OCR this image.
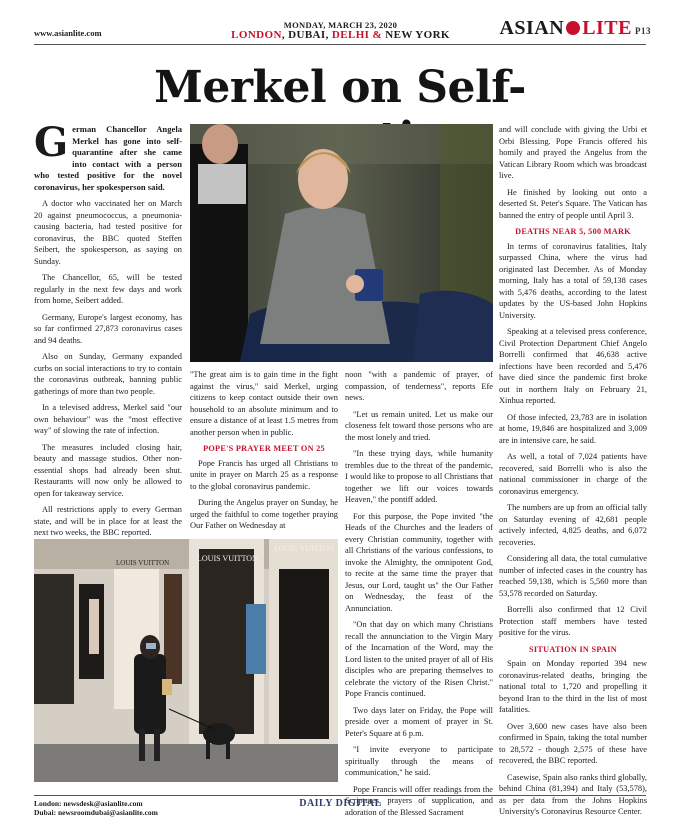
www.asianlite.com
MONDAY, MARCH 23, 2020
LONDON, DUBAI, DELHI & NEW YORK	ASIAN LITE P13
Merkel on Self-

German Chancellor Angela Merkel has gone into self-quarantine after she came into contact with a person who tested positive for the novel coronavirus, her spokesperson said.

A doctor who vaccinated her on March 20 against pneumococcus, a pneumonia-causing bacteria, had tested positive for coronavirus, the BBC quoted Steffen Seibert, the spokesperson, as saying on Sunday.

The Chancellor, 65, will be tested regularly in the next few days and work from home, Seibert added.

Germany, Europe's largest economy, has so far confirmed 27,873 coronavirus cases and 94 deaths.

Also on Sunday, Germany expanded curbs on social interactions to try to contain the coronavirus outbreak, banning public gatherings of more than two people.

In a televised address, Merkel said "our own behaviour" was the "most effective way" of slowing the rate of infection.

The measures included closing hair, beauty and massage studios. Other non-essential shops had already been shut. Restaurants will now only be allowed to open for takeaway service.

All restrictions apply to every German state, and will be in place for at least the next two weeks, the BBC reported.

"The great aim is to gain time in the fight against the virus," said Merkel, urging citizens to keep contact outside their own household to an absolute minimum and to ensure a distance of at least 1.5 metres from another person when in public.

POPE'S PRAYER MEET ON 25

Pope Francis has urged all Christians to unite in prayer on March 25 as a response to the global coronavirus pandemic.

During the Angelus prayer on Sunday, he urged the faithful to come together praying Our Father on Wednesday at

noon "with a pandemic of prayer, of compassion, of tenderness", reports Efe news.

"Let us remain united. Let us make our closeness felt toward those persons who are the most lonely and tried.

"In these trying days, while humanity trembles due to the threat of the pandemic, I would like to propose to all Christians that together we lift our voices towards Heaven," the pontiff added.

For this purpose, the Pope invited "the Heads of the Churches and the leaders of every Christian community, together with all Christians of the various confessions, to invoke the Almighty, the omnipotent God, to recite at the same time the prayer that Jesus, our Lord, taught us" the Our Father on Wednesday, the feast of the Annunciation.

"On that day on which many Christians recall the annunciation to the Virgin Mary of the Incarnation of the Word, may the Lord listen to the united prayer of all of His disciples who are preparing themselves to celebrate the victory of the Risen Christ." Pope Francis continued.

Two days later on Friday, the Pope will preside over a moment of prayer in St. Peter's Square at 6 p.m.

"I invite everyone to participate spiritually through the means of communication," he said.

Pope Francis will offer readings from the Scriptures, prayers of supplication, and adoration of the Blessed Sacrament

and will conclude with giving the Urbi et Orbi Blessing. Pope Francis offered his homily and prayed the Angelus from the Vatican Library Room which was broadcast live.

He finished by looking out onto a deserted St. Peter's Square. The Vatican has banned the entry of people until April 3.

DEATHS NEAR 5, 500 MARK

In terms of coronavirus fatalities, Italy surpassed China, where the virus had originated last December. As of Monday morning, Italy has a total of 59,138 cases with 5,476 deaths, according to the latest updates by the US-based John Hopkins University.

Speaking at a televised press conference, Civil Protection Department Chief Angelo Borrelli confirmed that 46,638 active infections have been recorded and 5,476 have died since the pandemic first broke out in northern Italy on February 21, Xinhua reported.

Of those infected, 23,783 are in isolation at home, 19,846 are hospitalized and 3,009 are in intensive care, he said.

As well, a total of 7,024 patients have recovered, said Borrelli who is also the national commissioner in charge of the coronavirus emergency.

The numbers are up from an official tally on Saturday evening of 42,681 people actively infected, 4,825 deaths, and 6,072 recoveries.

Considering all data, the total cumulative number of infected cases in the country has reached 59,138, which is 5,560 more than 53,578 recorded on Saturday.

Borrelli also confirmed that 12 Civil Protection staff members have tested positive for the virus.

SITUATION IN SPAIN

Spain on Monday reported 394 new coronavirus-related deaths, bringing the national total to 1,720 and propelling it beyond Iran to the third in the list of most fatalities.

Over 3,600 new cases have also been confirmed in Spain, taking the total number to 28,572 - though 2,575 of these have recovered, the BBC reported.

Casewise, Spain also ranks third globally, behind China (81,394) and Italy (53,578), as per data from the Johns Hopkins University's Coronavirus Resource Center.

LOUIS VUITTON
LOUIS VUITTON
LOUIS VUITTON
London: newsdesk@asianlite.com
Dubai: newsroomdubai@asianlite.com
DAILY DIGITAL
